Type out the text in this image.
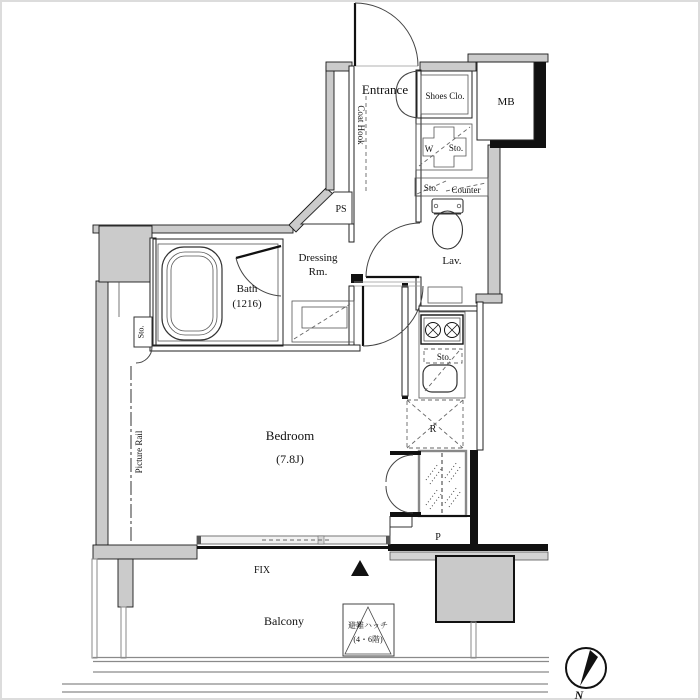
Entrance Shoes Clo.	MB
Coat Hook
W Sto.
Sto. Counter
PS
Lav.
Dressing
Rm.
Bath
(1216)
Sto.
Picture Rail	Bedroom
(7.8J)
Sto.
R
P
FIX
Balcony	避難ハッチ
(4・6階)
N
